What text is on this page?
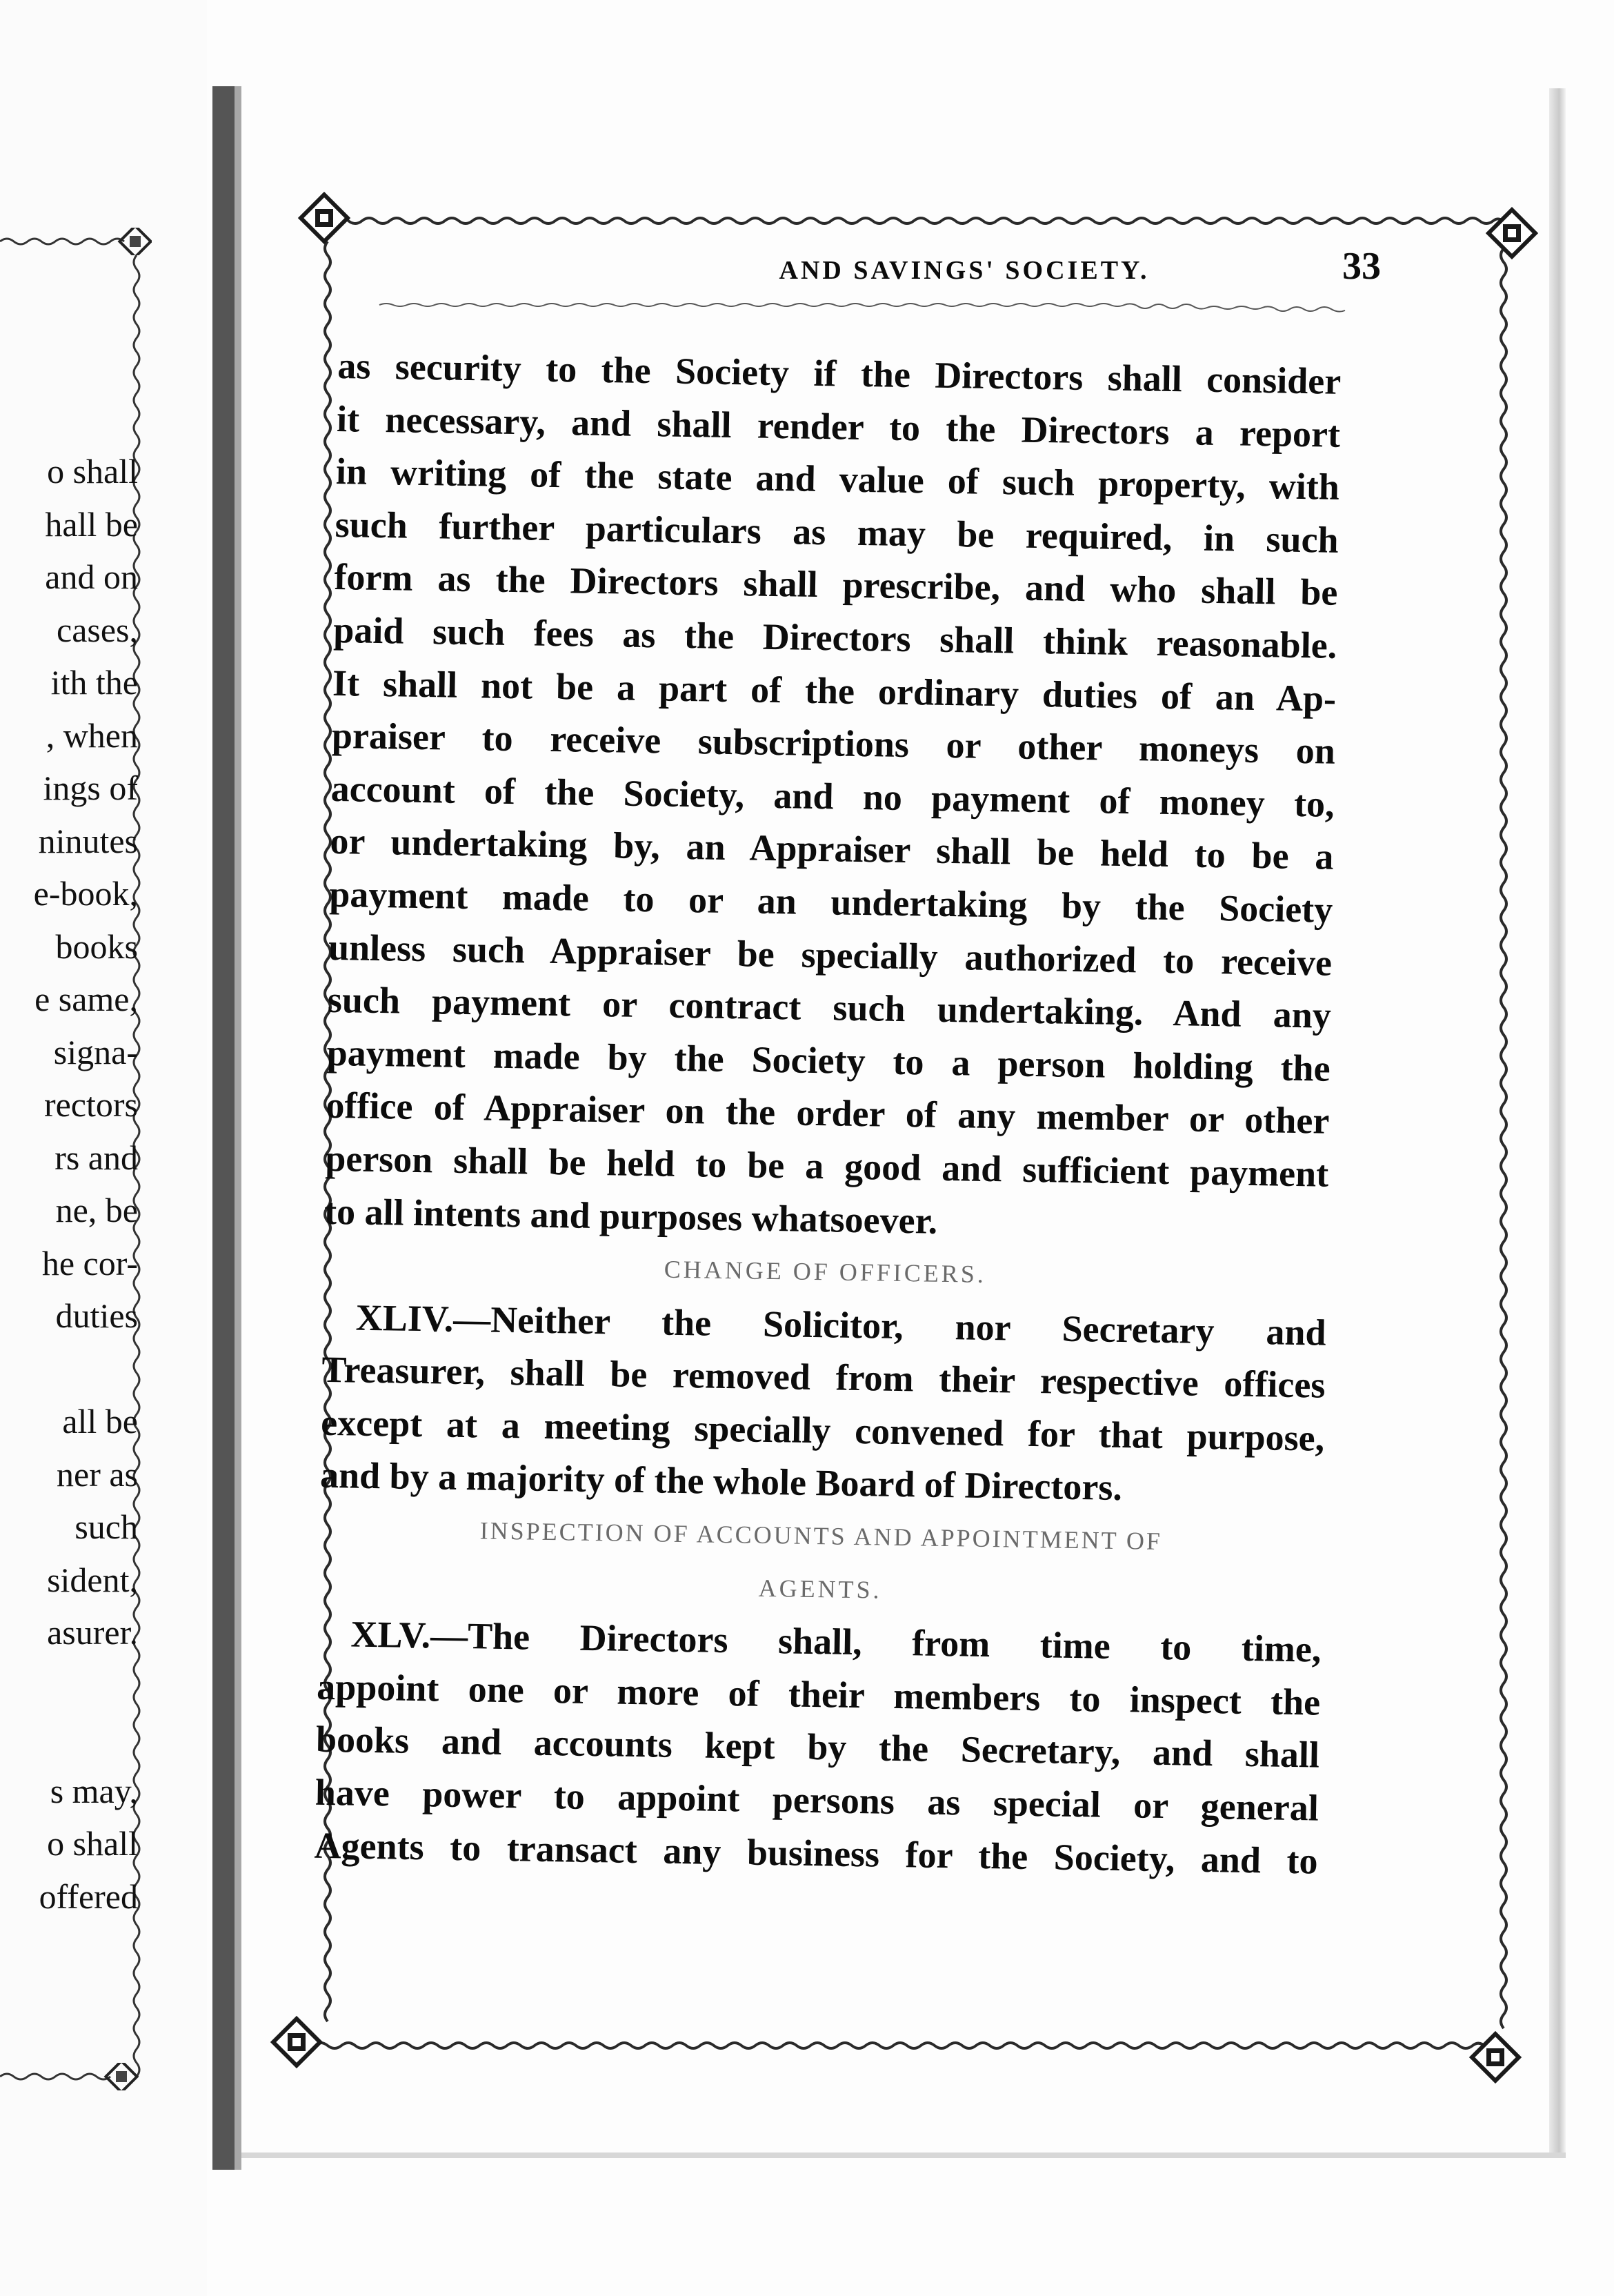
o shall
hall be
and on
cases,
ith the
, when
ings of
ninutes
e-book,
books
e same,
signa-
rectors
rs and
ne, be
he cor-
duties
all be
ner as
such
sident,
asurer.
s may,
o shall
offered
AND SAVINGS' SOCIETY.	33
as security to the Society if the Directors shall consider
it necessary, and shall render to the Directors a report
in writing of the state and value of such property, with
such further particulars as may be required, in such
form as the Directors shall prescribe, and who shall be
paid such fees as the Directors shall think reasonable.
It shall not be a part of the ordinary duties of an Ap-
praiser to receive subscriptions or other moneys on
account of the Society, and no payment of money to,
or undertaking by, an Appraiser shall be held to be a
payment made to or an undertaking by the Society
unless such Appraiser be specially authorized to receive
such payment or contract such undertaking. And any
payment made by the Society to a person holding the
office of Appraiser on the order of any member or other
person shall be held to be a good and sufficient payment
to all intents and purposes whatsoever.
CHANGE OF OFFICERS.
XLIV.—Neither the Solicitor, nor Secretary and
Treasurer, shall be removed from their respective offices
except at a meeting specially convened for that purpose,
and by a majority of the whole Board of Directors.
INSPECTION OF ACCOUNTS AND APPOINTMENT OF
AGENTS.
XLV.—The Directors shall, from time to time,
appoint one or more of their members to inspect the
books and accounts kept by the Secretary, and shall
have power to appoint persons as special or general
Agents to transact any business for the Society, and to
